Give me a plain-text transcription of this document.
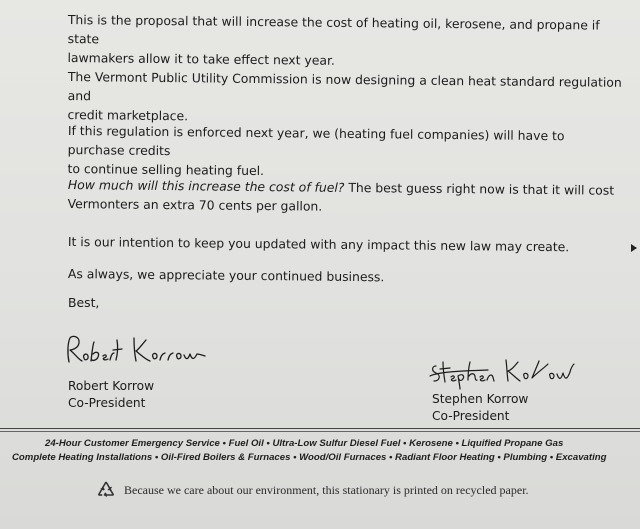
This is the proposal that will increase the cost of heating oil, kerosene, and propane if state
lawmakers allow it to take effect next year.

The Vermont Public Utility Commission is now designing a clean heat standard regulation and
credit marketplace.

If this regulation is enforced next year, we (heating fuel companies) will have to purchase credits
to continue selling heating fuel.

How much will this increase the cost of fuel? The best guess right now is that it will cost
Vermonters an extra 70 cents per gallon.

It is our intention to keep you updated with any impact this new law may create.

As always, we appreciate your continued business.

Best,

Robert Korrow
Co-President	Stephen Korrow
Co-President
24-Hour Customer Emergency Service • Fuel Oil • Ultra-Low Sulfur Diesel Fuel • Kerosene • Liquified Propane Gas
Complete Heating Installations • Oil-Fired Boilers & Furnaces • Wood/Oil Furnaces • Radiant Floor Heating • Plumbing • Excavating
Because we care about our environment, this stationary is printed on recycled paper.
